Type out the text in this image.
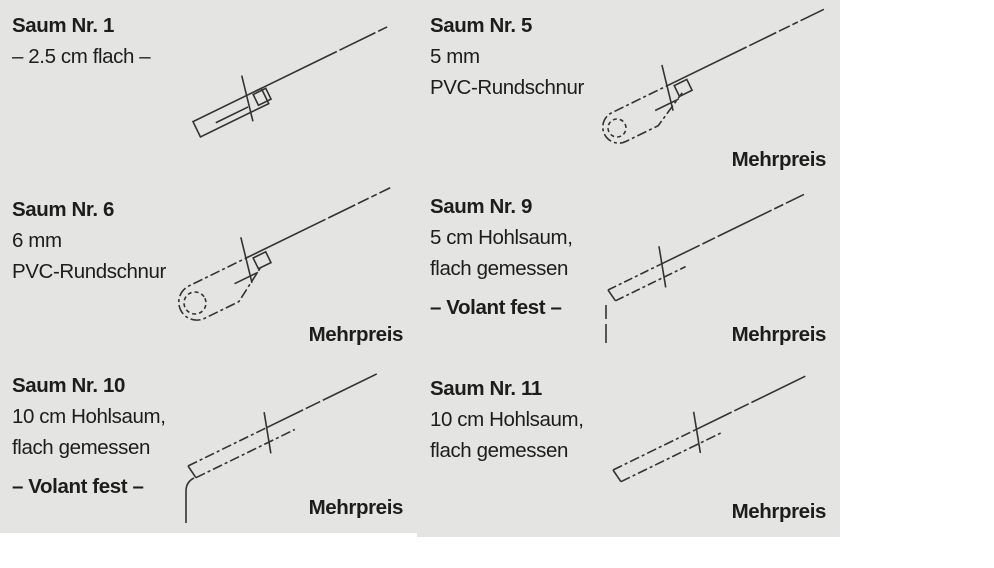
Saum Nr. 1

– 2.5 cm flach –

Saum Nr. 5

5 mm

PVC-Rundschnur

Mehrpreis
Saum Nr. 6

6 mm

PVC-Rundschnur

Mehrpreis
Saum Nr. 9

5 cm Hohlsaum,

flach gemessen

– Volant fest –

Mehrpreis
Saum Nr. 10

10 cm Hohlsaum,

flach gemessen

– Volant fest –

Mehrpreis
Saum Nr. 11

10 cm Hohlsaum,

flach gemessen

Mehrpreis
